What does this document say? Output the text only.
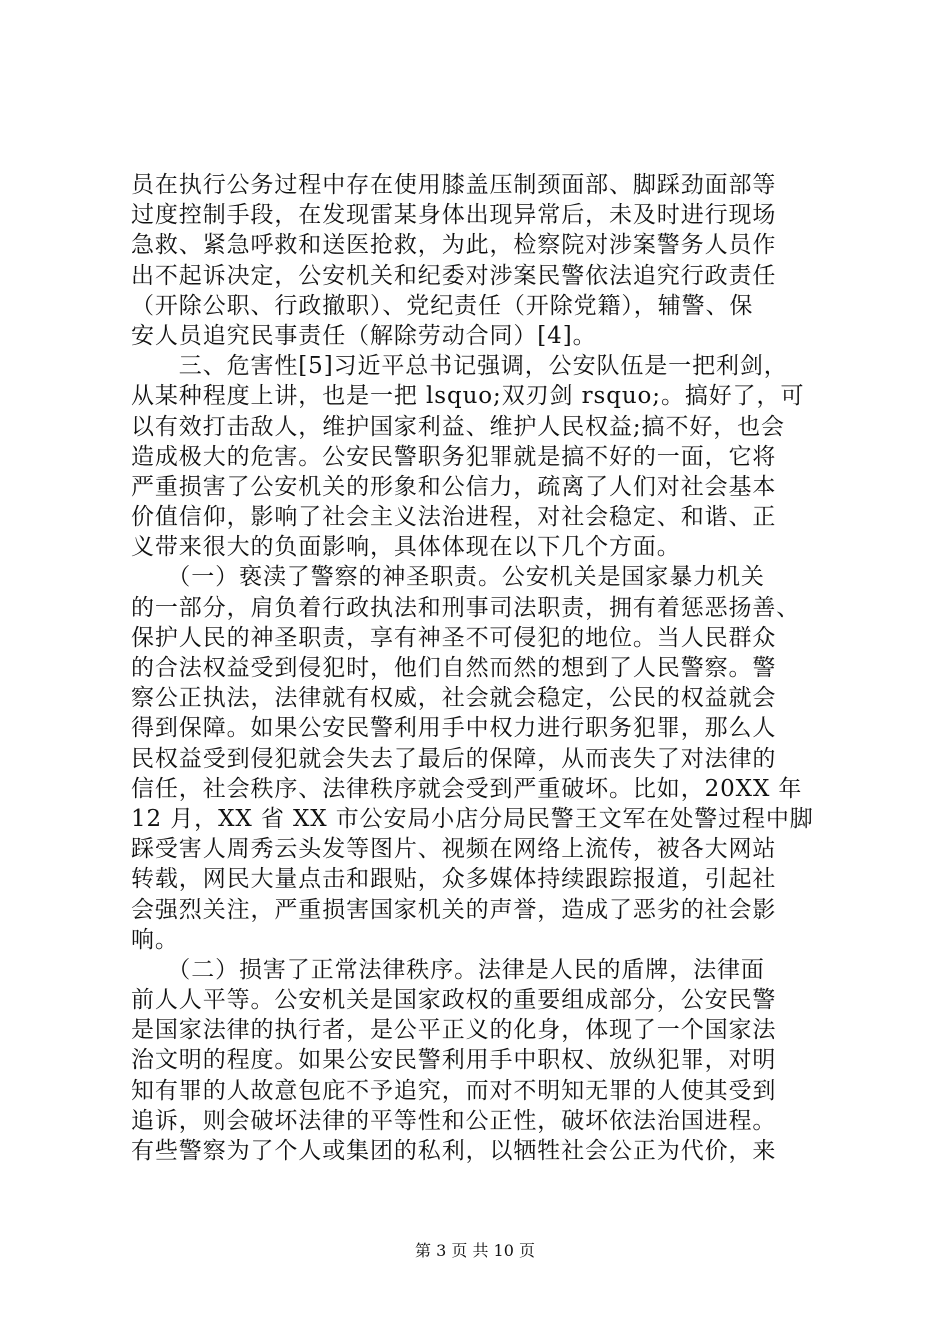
员在执行公务过程中存在使用膝盖压制颈面部、脚踩劲面部等
过度控制手段，在发现雷某身体出现异常后，未及时进行现场
急救、紧急呼救和送医抢救，为此，检察院对涉案警务人员作
出不起诉决定，公安机关和纪委对涉案民警依法追究行政责任
（开除公职、行政撤职）、党纪责任（开除党籍），辅警、保
安人员追究民事责任（解除劳动合同）[4]。
　　三、危害性[5]习近平总书记强调，公安队伍是一把利剑，
从某种程度上讲，也是一把 lsquo;双刃剑 rsquo;。搞好了，可
以有效打击敌人，维护国家利益、维护人民权益;搞不好，也会
造成极大的危害。公安民警职务犯罪就是搞不好的一面，它将
严重损害了公安机关的形象和公信力，疏离了人们对社会基本
价值信仰，影响了社会主义法治进程，对社会稳定、和谐、正
义带来很大的负面影响，具体体现在以下几个方面。
　　（一）亵渎了警察的神圣职责。公安机关是国家暴力机关
的一部分，肩负着行政执法和刑事司法职责，拥有着惩恶扬善、
保护人民的神圣职责，享有神圣不可侵犯的地位。当人民群众
的合法权益受到侵犯时，他们自然而然的想到了人民警察。警
察公正执法，法律就有权威，社会就会稳定，公民的权益就会
得到保障。如果公安民警利用手中权力进行职务犯罪，那么人
民权益受到侵犯就会失去了最后的保障，从而丧失了对法律的
信任，社会秩序、法律秩序就会受到严重破坏。比如，20XX 年
12 月，XX 省 XX 市公安局小店分局民警王文军在处警过程中脚
踩受害人周秀云头发等图片、视频在网络上流传，被各大网站
转载，网民大量点击和跟贴，众多媒体持续跟踪报道，引起社
会强烈关注，严重损害国家机关的声誉，造成了恶劣的社会影
响。
　　（二）损害了正常法律秩序。法律是人民的盾牌，法律面
前人人平等。公安机关是国家政权的重要组成部分，公安民警
是国家法律的执行者，是公平正义的化身，体现了一个国家法
治文明的程度。如果公安民警利用手中职权、放纵犯罪，对明
知有罪的人故意包庇不予追究，而对不明知无罪的人使其受到
追诉，则会破坏法律的平等性和公正性，破坏依法治国进程。
有些警察为了个人或集团的私利，以牺牲社会公正为代价，来
第 3 页 共 10 页
